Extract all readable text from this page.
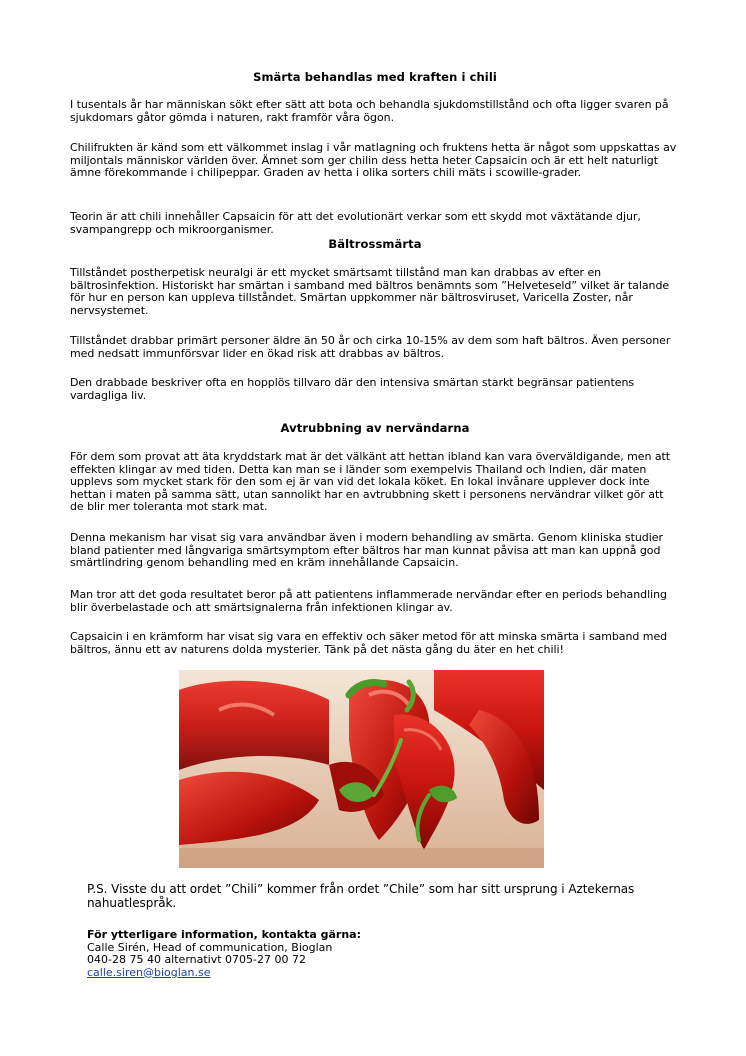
Smärta behandlas med kraften i chili

I tusentals år har människan sökt efter sätt att bota och behandla sjukdomstillstånd och ofta ligger svaren på sjukdomars gåtor gömda i naturen, rakt framför våra ögon.

Chilifrukten är känd som ett välkommet inslag i vår matlagning och fruktens hetta är något som uppskattas av miljontals människor världen över. Ämnet som ger chilin dess hetta heter Capsaicin och är ett helt naturligt ämne förekommande i chilipeppar. Graden av hetta i olika sorters chili mäts i scowille-grader.

Teorin är att chili innehåller Capsaicin för att det evolutionärt verkar som ett skydd mot växtätande djur, svampangrepp och mikroorganismer.

Bältrossmärta

Tillståndet postherpetisk neuralgi är ett mycket smärtsamt tillstånd man kan drabbas av efter en bältrosinfektion. Historiskt har smärtan i samband med bältros benämnts som ”Helveteseld” vilket är talande för hur en person kan uppleva tillståndet. Smärtan uppkommer när bältrosviruset, Varicella Zoster, når nervsystemet.

Tillståndet drabbar primärt personer äldre än 50 år och cirka 10-15% av dem som haft bältros. Även personer med nedsatt immunförsvar lider en ökad risk att drabbas av bältros.

Den drabbade beskriver ofta en hopplös tillvaro där den intensiva smärtan starkt begränsar patientens vardagliga liv.

Avtrubbning av nervändarna

För dem som provat att äta kryddstark mat är det välkänt att hettan ibland kan vara överväldigande, men att effekten klingar av med tiden. Detta kan man se i länder som exempelvis Thailand och Indien, där maten upplevs som mycket stark för den som ej är van vid det lokala köket. En lokal invånare upplever dock inte hettan i maten på samma sätt, utan sannolikt har en avtrubbning skett i personens nervändrar vilket gör att de blir mer toleranta mot stark mat.

Denna mekanism har visat sig vara användbar även i modern behandling av smärta. Genom kliniska studier bland patienter med långvariga smärtsymptom efter bältros har man kunnat påvisa att man kan uppnå god smärtlindring genom behandling med en kräm innehållande Capsaicin.

Man tror att det goda resultatet beror på att patientens inflammerade nervändar efter en periods behandling blir överbelastade och att smärtsignalerna från infektionen klingar av.

Capsaicin i en krämform har visat sig vara en effektiv och säker metod för att minska smärta i samband med bältros, ännu ett av naturens dolda mysterier. Tänk på det nästa gång du äter en het chili!

P.S. Visste du att ordet ”Chili” kommer från ordet ”Chile” som har sitt ursprung i Aztekernas nahuatlespråk.

För ytterligare information, kontakta gärna:
Calle Sirén, Head of communication, Bioglan
040-28 75 40 alternativt 0705-27 00 72
calle.siren@bioglan.se
